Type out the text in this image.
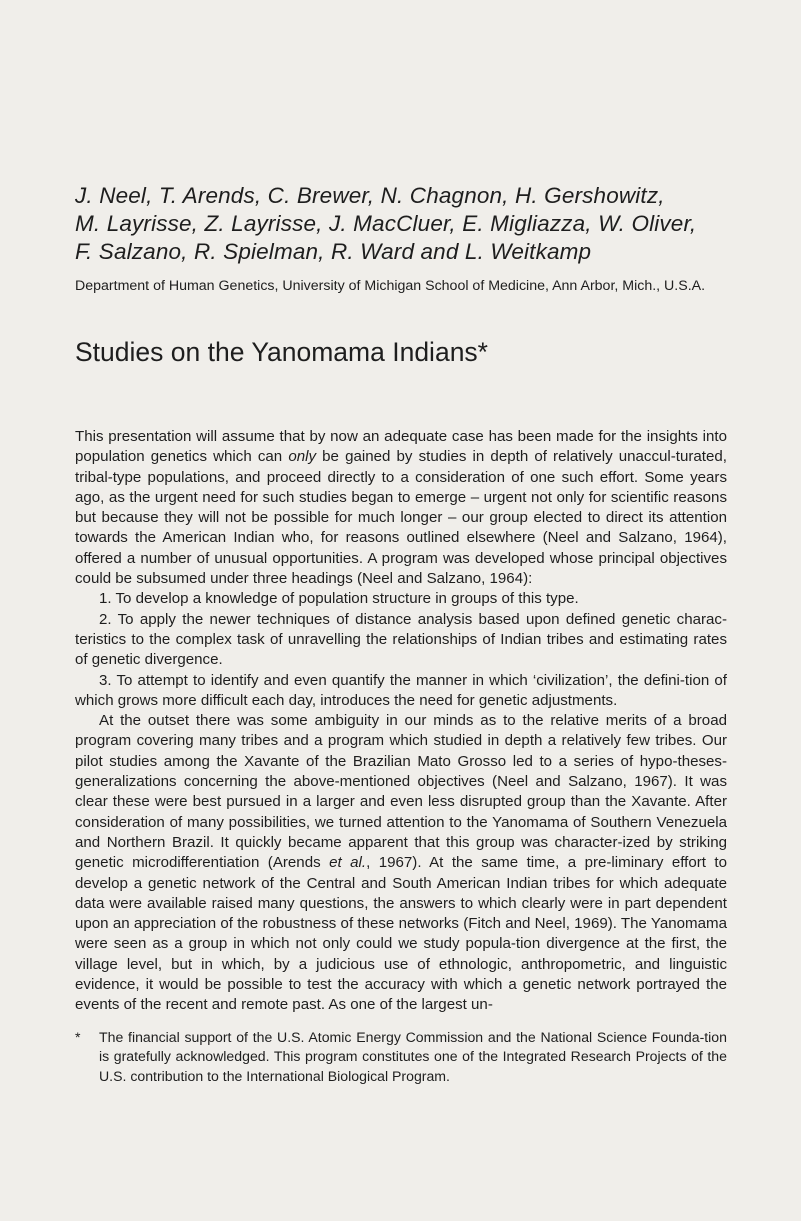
J. Neel, T. Arends, C. Brewer, N. Chagnon, H. Gershowitz,
M. Layrisse, Z. Layrisse, J. MacCluer, E. Migliazza, W. Oliver,
F. Salzano, R. Spielman, R. Ward and L. Weitkamp

Department of Human Genetics, University of Michigan School of Medicine, Ann Arbor, Mich., U.S.A.

Studies on the Yanomama Indians*

This presentation will assume that by now an adequate case has been made for the insights into population genetics which can only be gained by studies in depth of relatively unaccul-turated, tribal-type populations, and proceed directly to a consideration of one such effort. Some years ago, as the urgent need for such studies began to emerge – urgent not only for scientific reasons but because they will not be possible for much longer – our group elected to direct its attention towards the American Indian who, for reasons outlined elsewhere (Neel and Salzano, 1964), offered a number of unusual opportunities. A program was developed whose principal objectives could be subsumed under three headings (Neel and Salzano, 1964):

1. To develop a knowledge of population structure in groups of this type.

2. To apply the newer techniques of distance analysis based upon defined genetic charac-teristics to the complex task of unravelling the relationships of Indian tribes and estimating rates of genetic divergence.

3. To attempt to identify and even quantify the manner in which ‘civilization’, the defini-tion of which grows more difficult each day, introduces the need for genetic adjustments.

At the outset there was some ambiguity in our minds as to the relative merits of a broad program covering many tribes and a program which studied in depth a relatively few tribes. Our pilot studies among the Xavante of the Brazilian Mato Grosso led to a series of hypo-theses-generalizations concerning the above-mentioned objectives (Neel and Salzano, 1967). It was clear these were best pursued in a larger and even less disrupted group than the Xavante. After consideration of many possibilities, we turned attention to the Yanomama of Southern Venezuela and Northern Brazil. It quickly became apparent that this group was character-ized by striking genetic microdifferentiation (Arends et al., 1967). At the same time, a pre-liminary effort to develop a genetic network of the Central and South American Indian tribes for which adequate data were available raised many questions, the answers to which clearly were in part dependent upon an appreciation of the robustness of these networks (Fitch and Neel, 1969). The Yanomama were seen as a group in which not only could we study popula-tion divergence at the first, the village level, but in which, by a judicious use of ethnologic, anthropometric, and linguistic evidence, it would be possible to test the accuracy with which a genetic network portrayed the events of the recent and remote past. As one of the largest un-

* The financial support of the U.S. Atomic Energy Commission and the National Science Founda-tion is gratefully acknowledged. This program constitutes one of the Integrated Research Projects of the U.S. contribution to the International Biological Program.
